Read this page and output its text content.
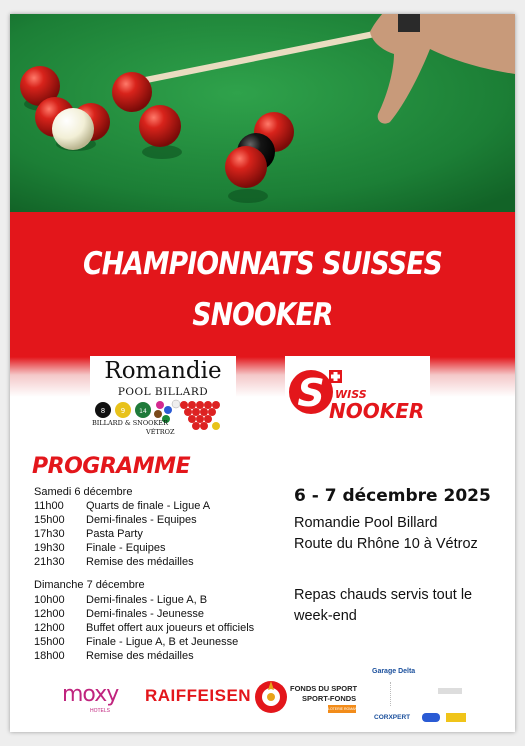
CHAMPIONNATS SUISSES
SNOOKER
Romandie
POOL BILLARD
8 9 14
BILLARD & SNOOKER
VÉTROZ
S WISS
NOOKER
PROGRAMME
Samedi 6 décembre
11h00 Quarts de finale - Ligue A
15h00 Demi-finales - Equipes
17h30 Pasta Party
19h30 Finale - Equipes
21h30 Remise des médailles
Dimanche 7 décembre
10h00 Demi-finales - Ligue A, B
12h00 Demi-finales - Jeunesse
12h00 Buffet offert aux joueurs et officiels
15h00 Finale - Ligue A, B et Jeunesse
18h00 Remise des médailles
6 - 7 décembre 2025
Romandie Pool Billard
Route du Rhône 10 à Vétroz
Repas chauds servis tout le
week-end
moxy
HOTELS
RAIFFEISEN	FONDS DU SPORT
SPORT-FONDS
LOTERIE ROMANDE
Garage Delta
CORXPERT
